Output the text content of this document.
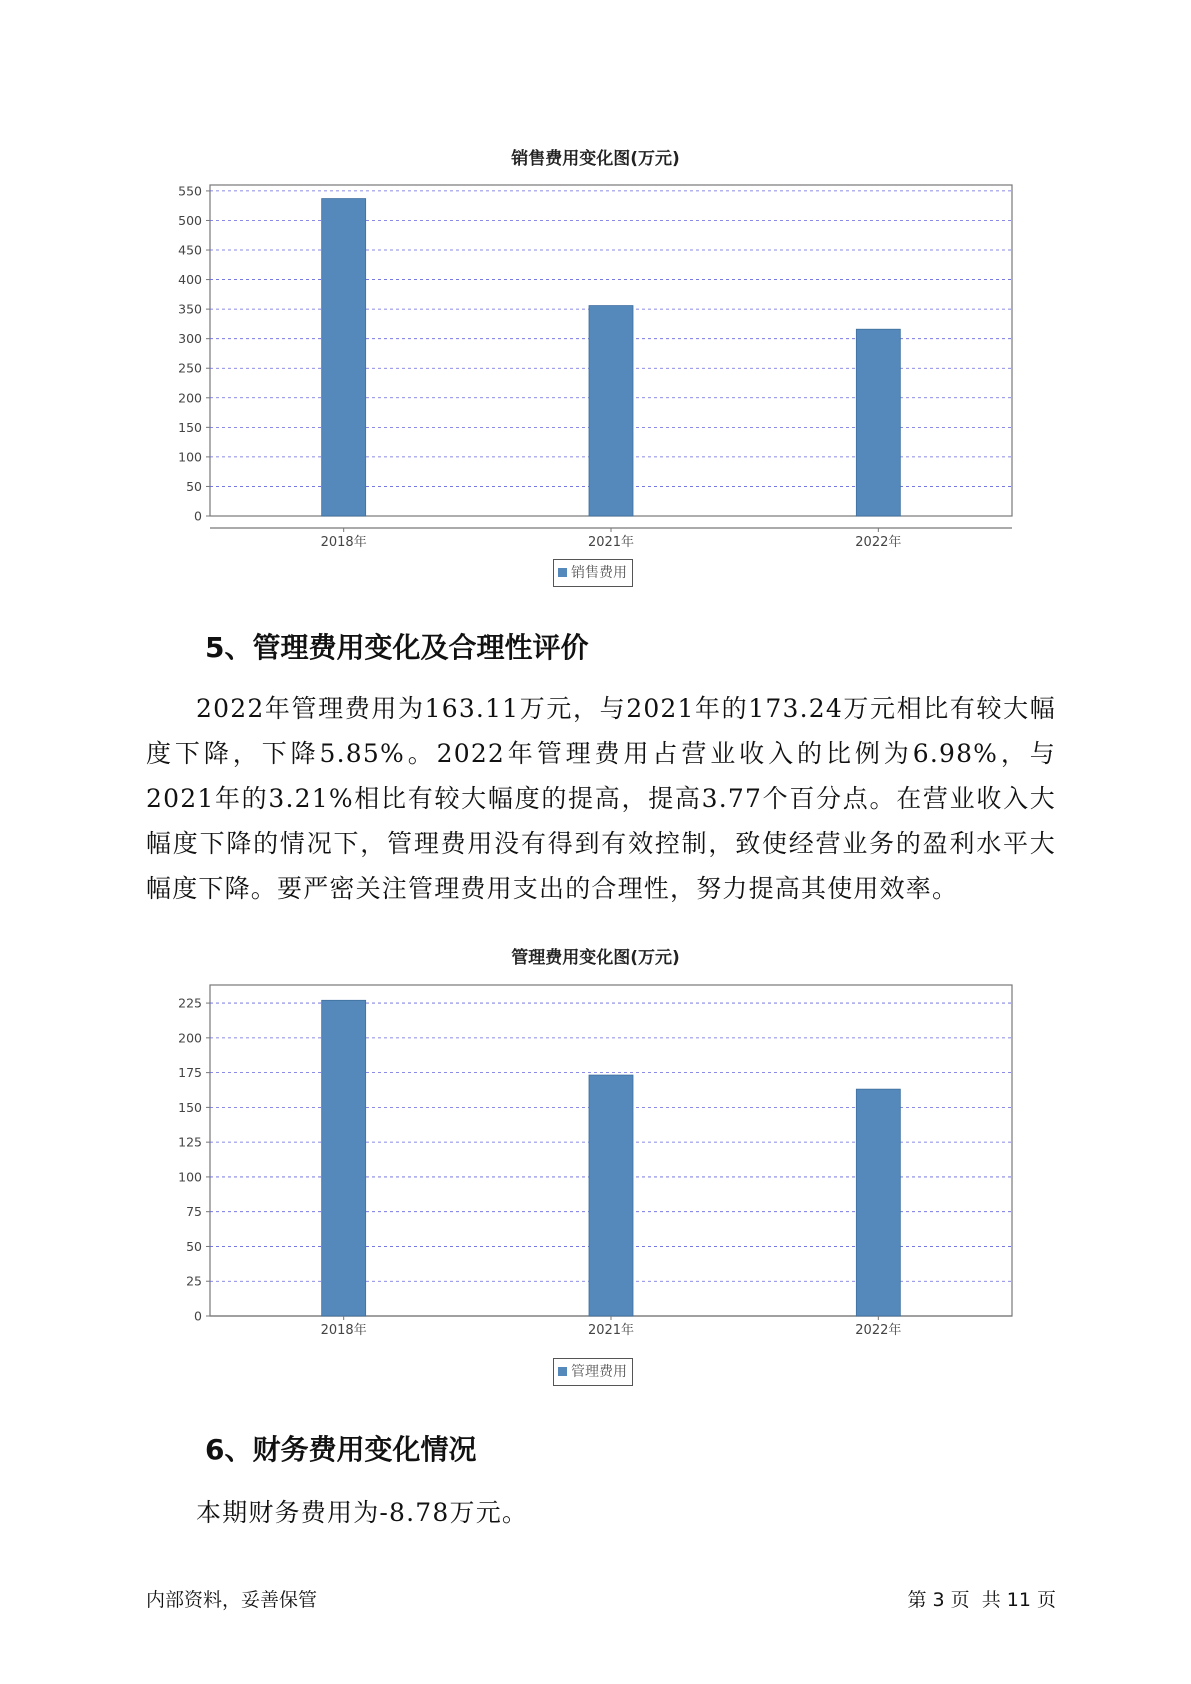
销售费用变化图(万元)
0
50
100
150
200
250
300
350
400
450
500
550
2018年	2021年	2022年
销售费用
5、管理费用变化及合理性评价
2022年管理费用为163.11万元，与2021年的173.24万元相比有较大幅度下降，下降5.85%。2022年管理费用占营业收入的比例为6.98%，与2021年的3.21%相比有较大幅度的提高，提高3.77个百分点。在营业收入大幅度下降的情况下，管理费用没有得到有效控制，致使经营业务的盈利水平大幅度下降。要严密关注管理费用支出的合理性，努力提高其使用效率。
管理费用变化图(万元)
0
25
50
75
100
125
150
175
200
225
2018年	2021年	2022年
管理费用
6、财务费用变化情况
本期财务费用为-8.78万元。
内部资料，妥善保管	第 3 页  共 11 页
